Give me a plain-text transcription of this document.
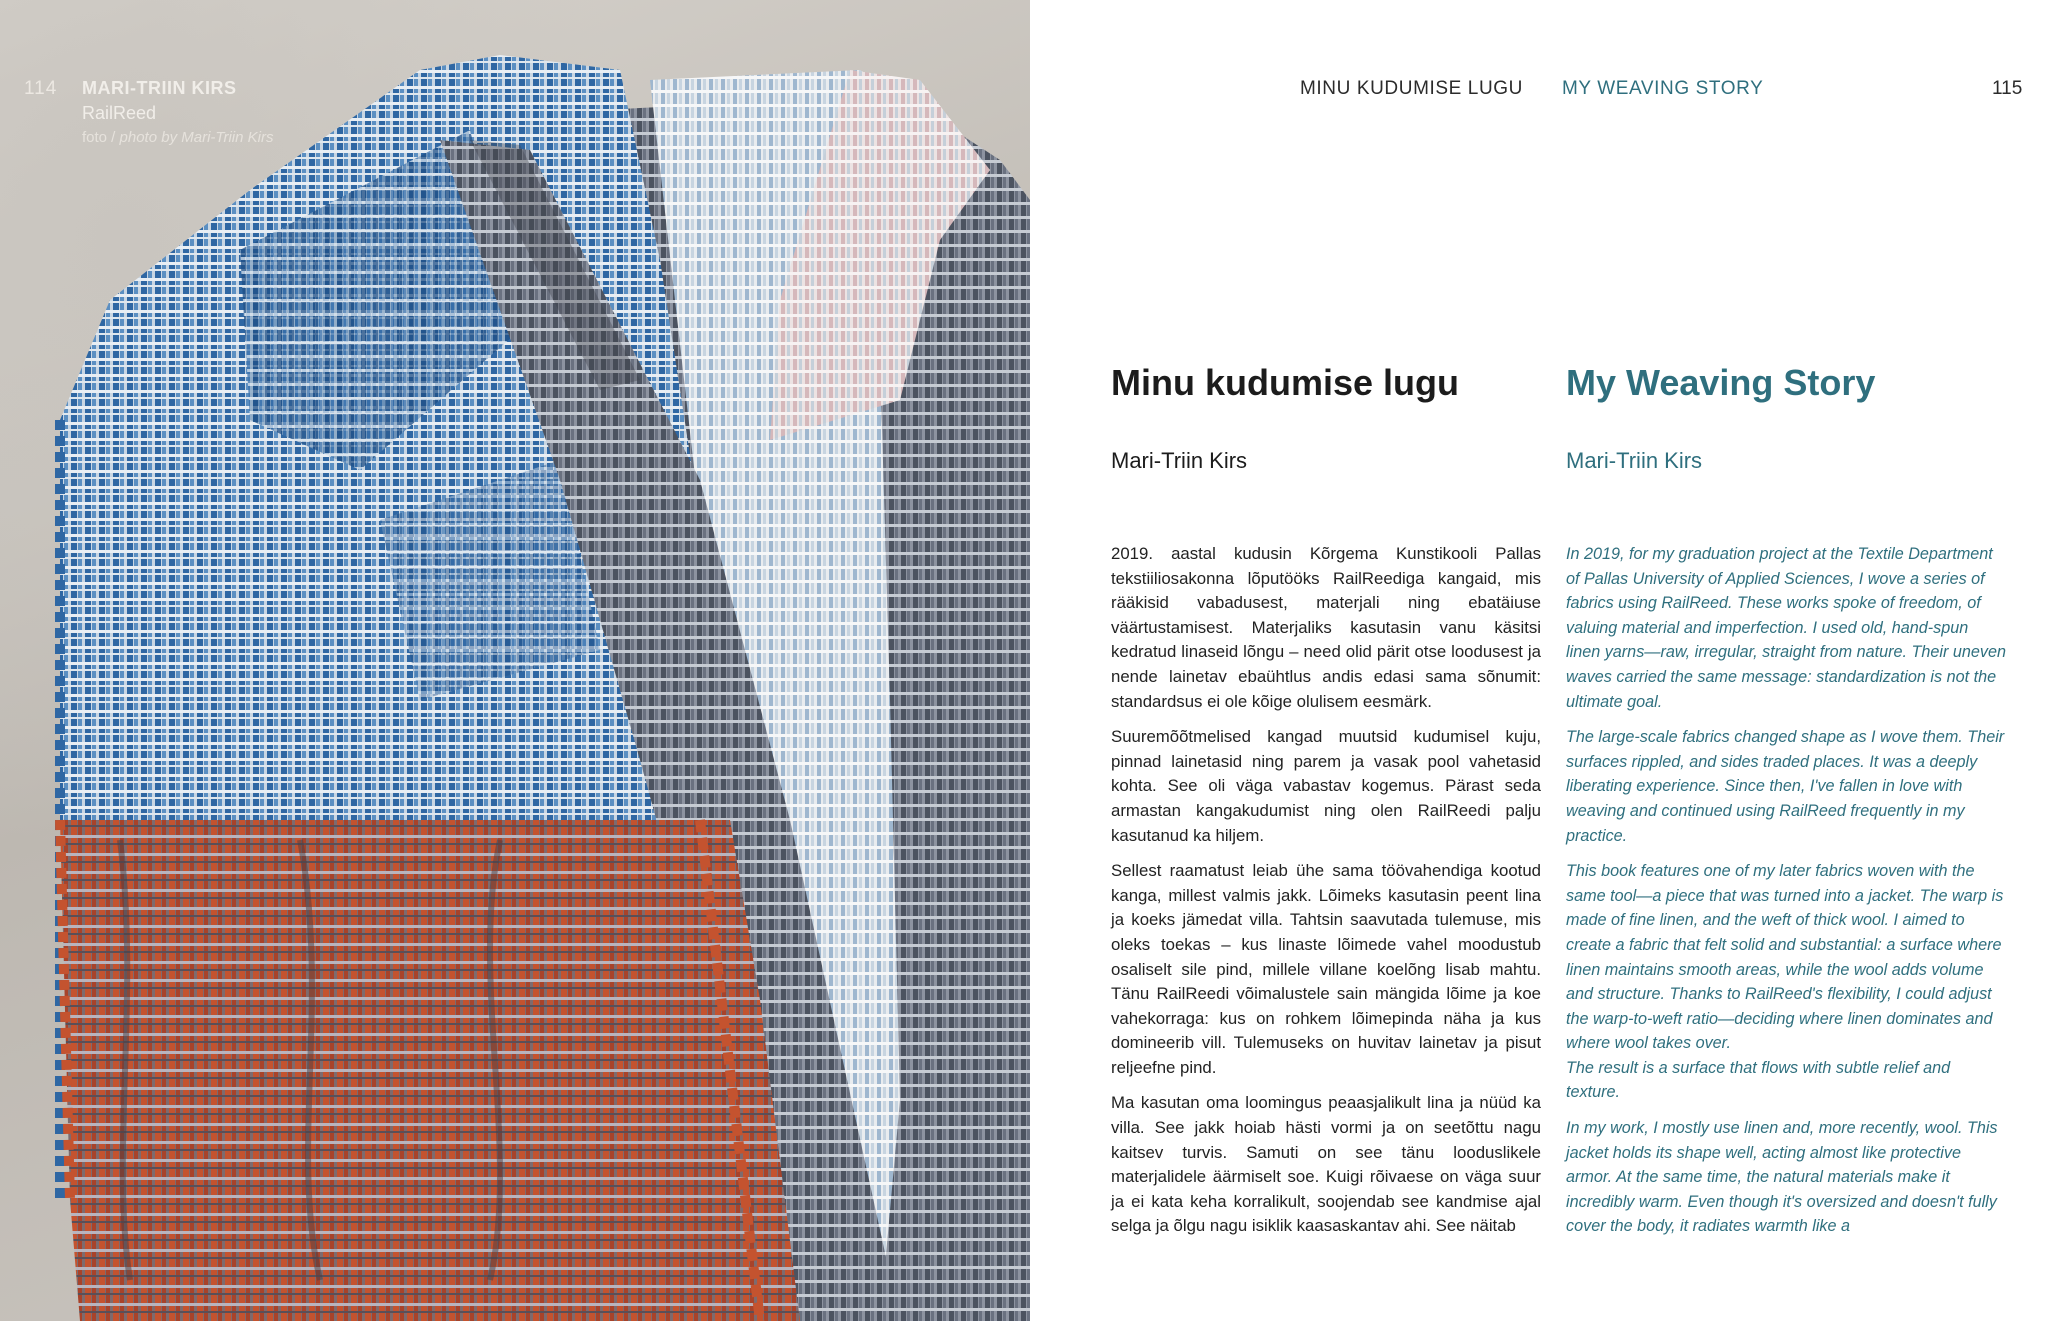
114 MARI-TRIIN KIRS
RailReed
foto / photo by Mari-Triin Kirs
MINU KUDUMISE LUGU MY WEAVING STORY	115
Minu kudumise lugu	My Weaving Story
Mari-Triin Kirs	Mari-Triin Kirs

2019. aastal kudusin Kõrgema Kunstikooli Pallas tekstiiliosakonna lõputööks RailReediga kangaid, mis rääkisid vabadusest, materjali ning ebatäiuse väärtustamisest. Materjaliks kasutasin vanu käsitsi kedratud linaseid lõngu – need olid pärit otse loodusest ja nende lainetav ebaühtlus andis edasi sama sõnumit: standardsus ei ole kõige olulisem eesmärk.

Suuremõõtmelised kangad muutsid kudumisel kuju, pinnad lainetasid ning parem ja vasak pool vahetasid kohta. See oli väga vabastav kogemus. Pärast seda armastan kangakudumist ning olen RailReedi palju kasutanud ka hiljem.

Sellest raamatust leiab ühe sama töövahendiga kootud kanga, millest valmis jakk. Lõimeks kasutasin peent lina ja koeks jämedat villa. Tahtsin saavutada tulemuse, mis oleks toekas – kus linaste lõimede vahel moodustub osaliselt sile pind, millele villane koelõng lisab mahtu. Tänu RailReedi võimalustele sain mängida lõime ja koe vahekorraga: kus on rohkem lõimepinda näha ja kus domineerib vill. Tulemuseks on huvitav lainetav ja pisut reljeefne pind.

Ma kasutan oma loomingus peaasjalikult lina ja nüüd ka villa. See jakk hoiab hästi vormi ja on seetõttu nagu kaitsev turvis. Samuti on see tänu looduslikele materjalidele äärmiselt soe. Kuigi rõivaese on väga suur ja ei kata keha korralikult, soojendab see kandmise ajal selga ja õlgu nagu isiklik kaasaskantav ahi. See näitab

In 2019, for my graduation project at the Textile Department of Pallas University of Applied Sciences, I wove a series of fabrics using RailReed. These works spoke of freedom, of valuing material and imperfection. I used old, hand-spun linen yarns—raw, irregular, straight from nature. Their uneven waves carried the same message: standardization is not the ultimate goal.

The large-scale fabrics changed shape as I wove them. Their surfaces rippled, and sides traded places. It was a deeply liberating experience. Since then, I've fallen in love with weaving and continued using RailReed frequently in my practice.

This book features one of my later fabrics woven with the same tool—a piece that was turned into a jacket. The warp is made of fine linen, and the weft of thick wool. I aimed to create a fabric that felt solid and substantial: a surface where linen maintains smooth areas, while the wool adds volume and structure. Thanks to RailReed's flexibility, I could adjust the warp-to-weft ratio—deciding where linen dominates and where wool takes over.

The result is a surface that flows with subtle relief and texture.

In my work, I mostly use linen and, more recently, wool. This jacket holds its shape well, acting almost like protective armor. At the same time, the natural materials make it incredibly warm. Even though it's oversized and doesn't fully cover the body, it radiates warmth like a
